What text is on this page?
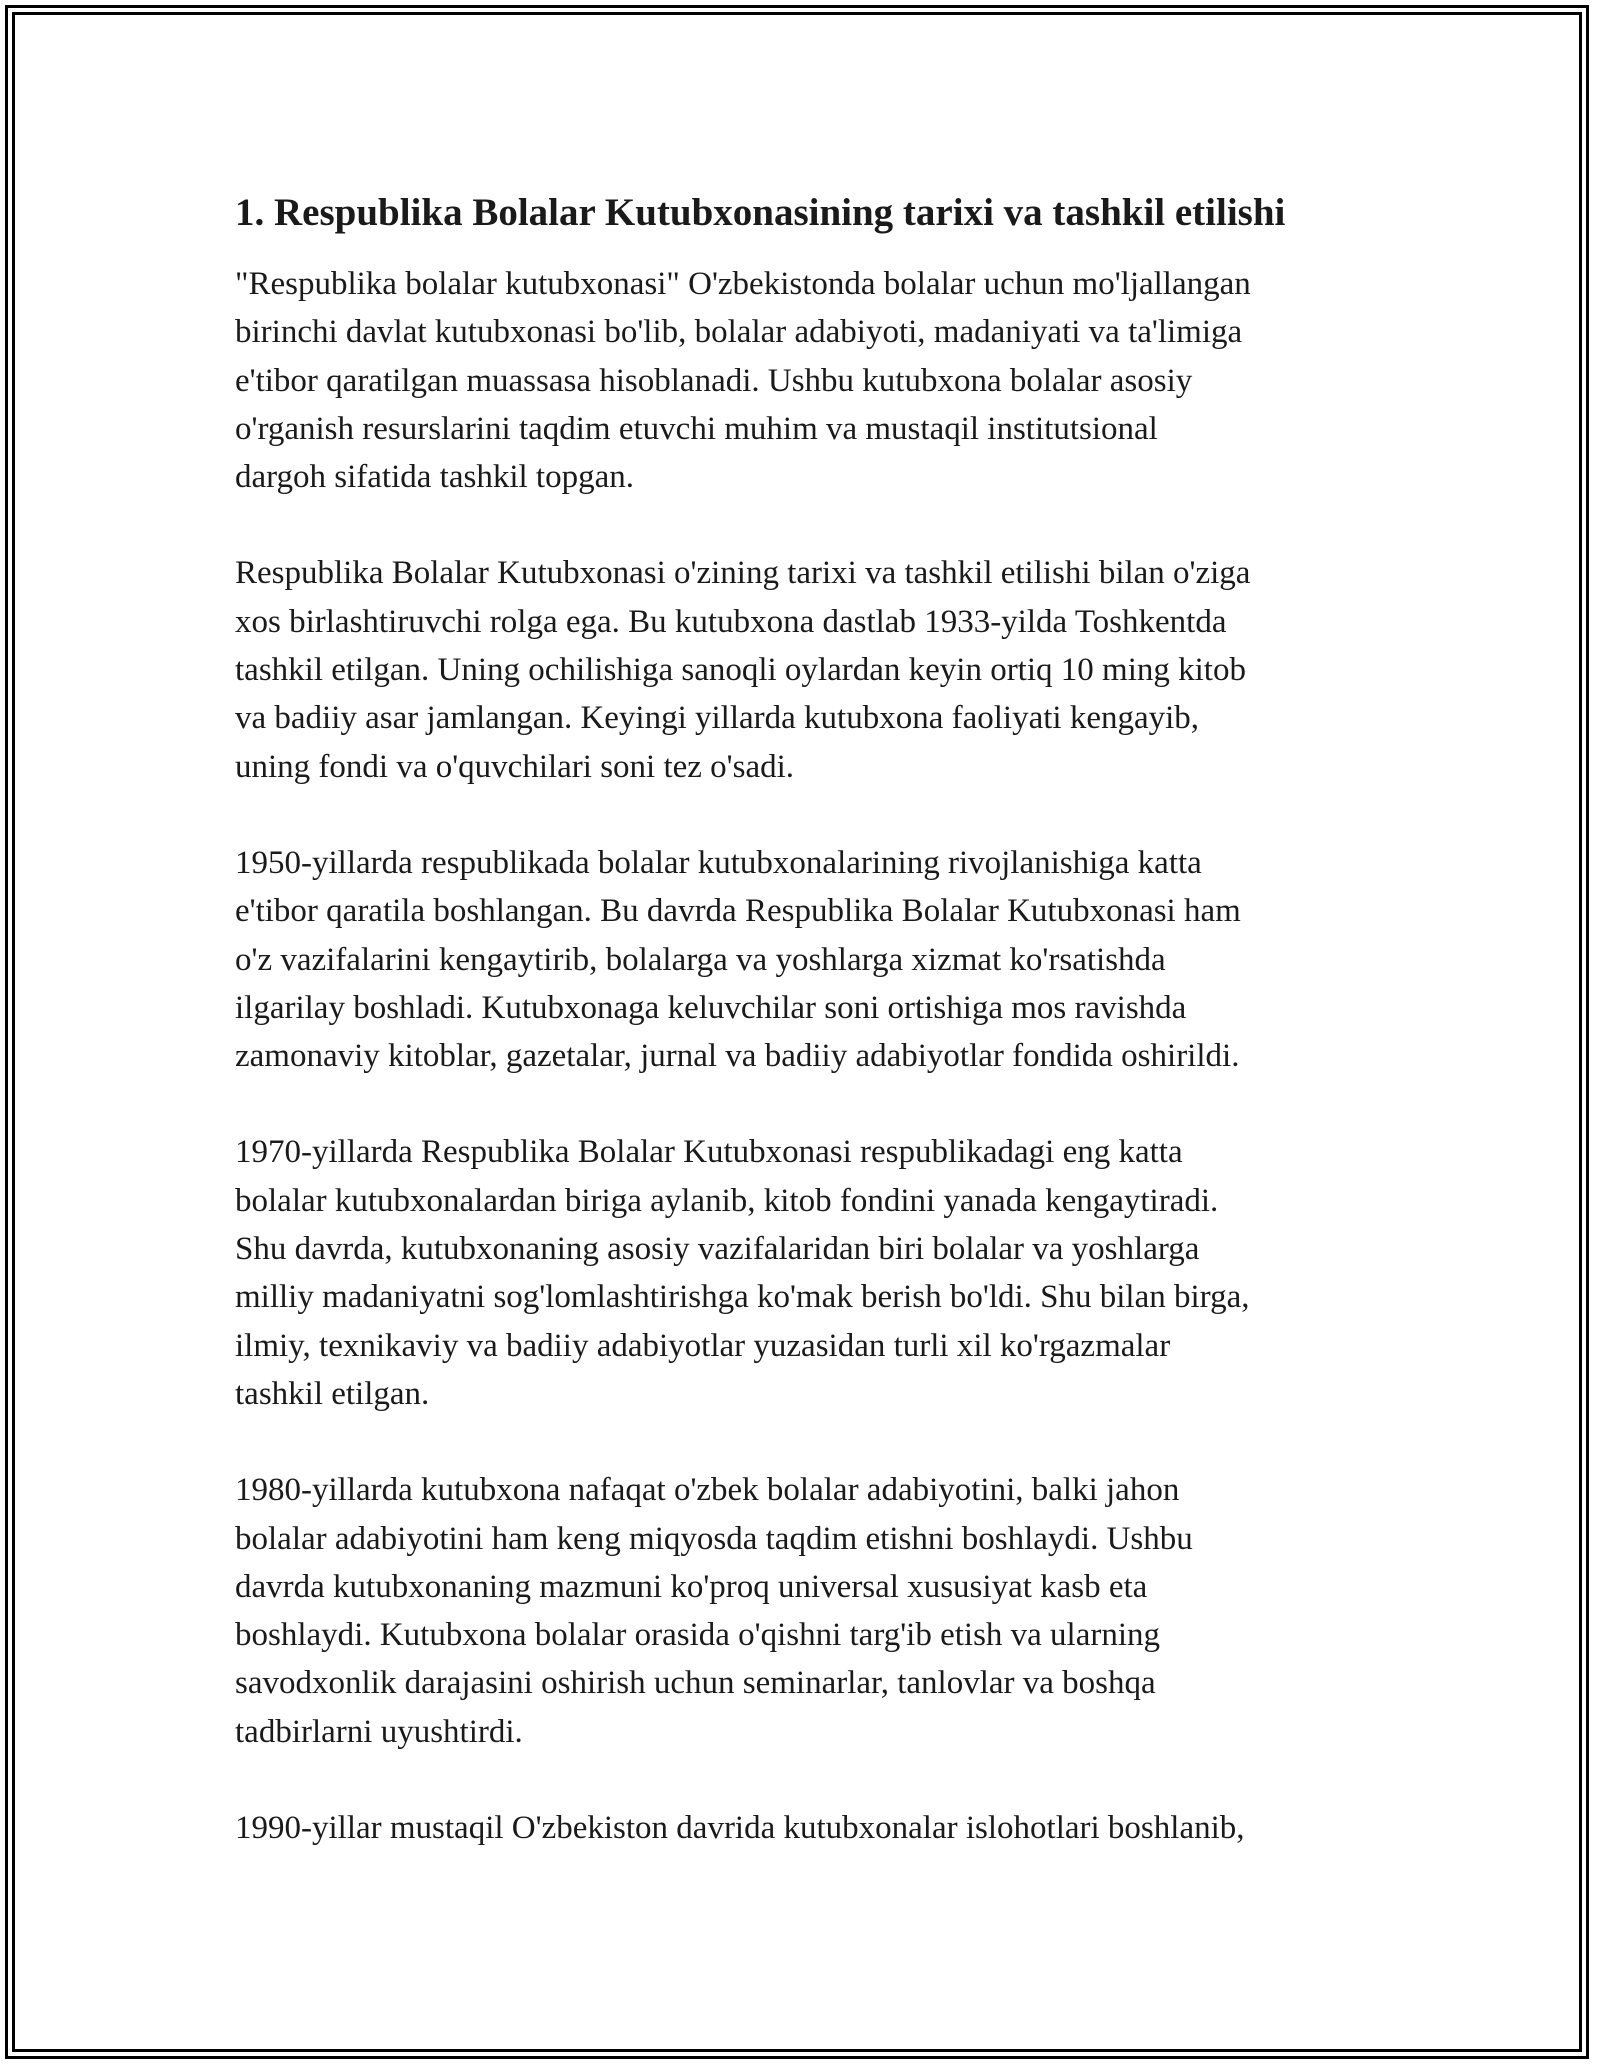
1. Respublika Bolalar Kutubxonasining tarixi va tashkil etilishi

"Respublika bolalar kutubxonasi" O'zbekistonda bolalar uchun mo'ljallangan
birinchi davlat kutubxonasi bo'lib, bolalar adabiyoti, madaniyati va ta'limiga
e'tibor qaratilgan muassasa hisoblanadi. Ushbu kutubxona bolalar asosiy
o'rganish resurslarini taqdim etuvchi muhim va mustaqil institutsional
dargoh sifatida tashkil topgan.

Respublika Bolalar Kutubxonasi o'zining tarixi va tashkil etilishi bilan o'ziga
xos birlashtiruvchi rolga ega. Bu kutubxona dastlab 1933-yilda Toshkentda
tashkil etilgan. Uning ochilishiga sanoqli oylardan keyin ortiq 10 ming kitob
va badiiy asar jamlangan. Keyingi yillarda kutubxona faoliyati kengayib,
uning fondi va o'quvchilari soni tez o'sadi.

1950-yillarda respublikada bolalar kutubxonalarining rivojlanishiga katta
e'tibor qaratila boshlangan. Bu davrda Respublika Bolalar Kutubxonasi ham
o'z vazifalarini kengaytirib, bolalarga va yoshlarga xizmat ko'rsatishda
ilgarilay boshladi. Kutubxonaga keluvchilar soni ortishiga mos ravishda
zamonaviy kitoblar, gazetalar, jurnal va badiiy adabiyotlar fondida oshirildi.

1970-yillarda Respublika Bolalar Kutubxonasi respublikadagi eng katta
bolalar kutubxonalardan biriga aylanib, kitob fondini yanada kengaytiradi.
Shu davrda, kutubxonaning asosiy vazifalaridan biri bolalar va yoshlarga
milliy madaniyatni sog'lomlashtirishga ko'mak berish bo'ldi. Shu bilan birga,
ilmiy, texnikaviy va badiiy adabiyotlar yuzasidan turli xil ko'rgazmalar
tashkil etilgan.

1980-yillarda kutubxona nafaqat o'zbek bolalar adabiyotini, balki jahon
bolalar adabiyotini ham keng miqyosda taqdim etishni boshlaydi. Ushbu
davrda kutubxonaning mazmuni ko'proq universal xususiyat kasb eta
boshlaydi. Kutubxona bolalar orasida o'qishni targ'ib etish va ularning
savodxonlik darajasini oshirish uchun seminarlar, tanlovlar va boshqa
tadbirlarni uyushtirdi.

1990-yillar mustaqil O'zbekiston davrida kutubxonalar islohotlari boshlanib,
